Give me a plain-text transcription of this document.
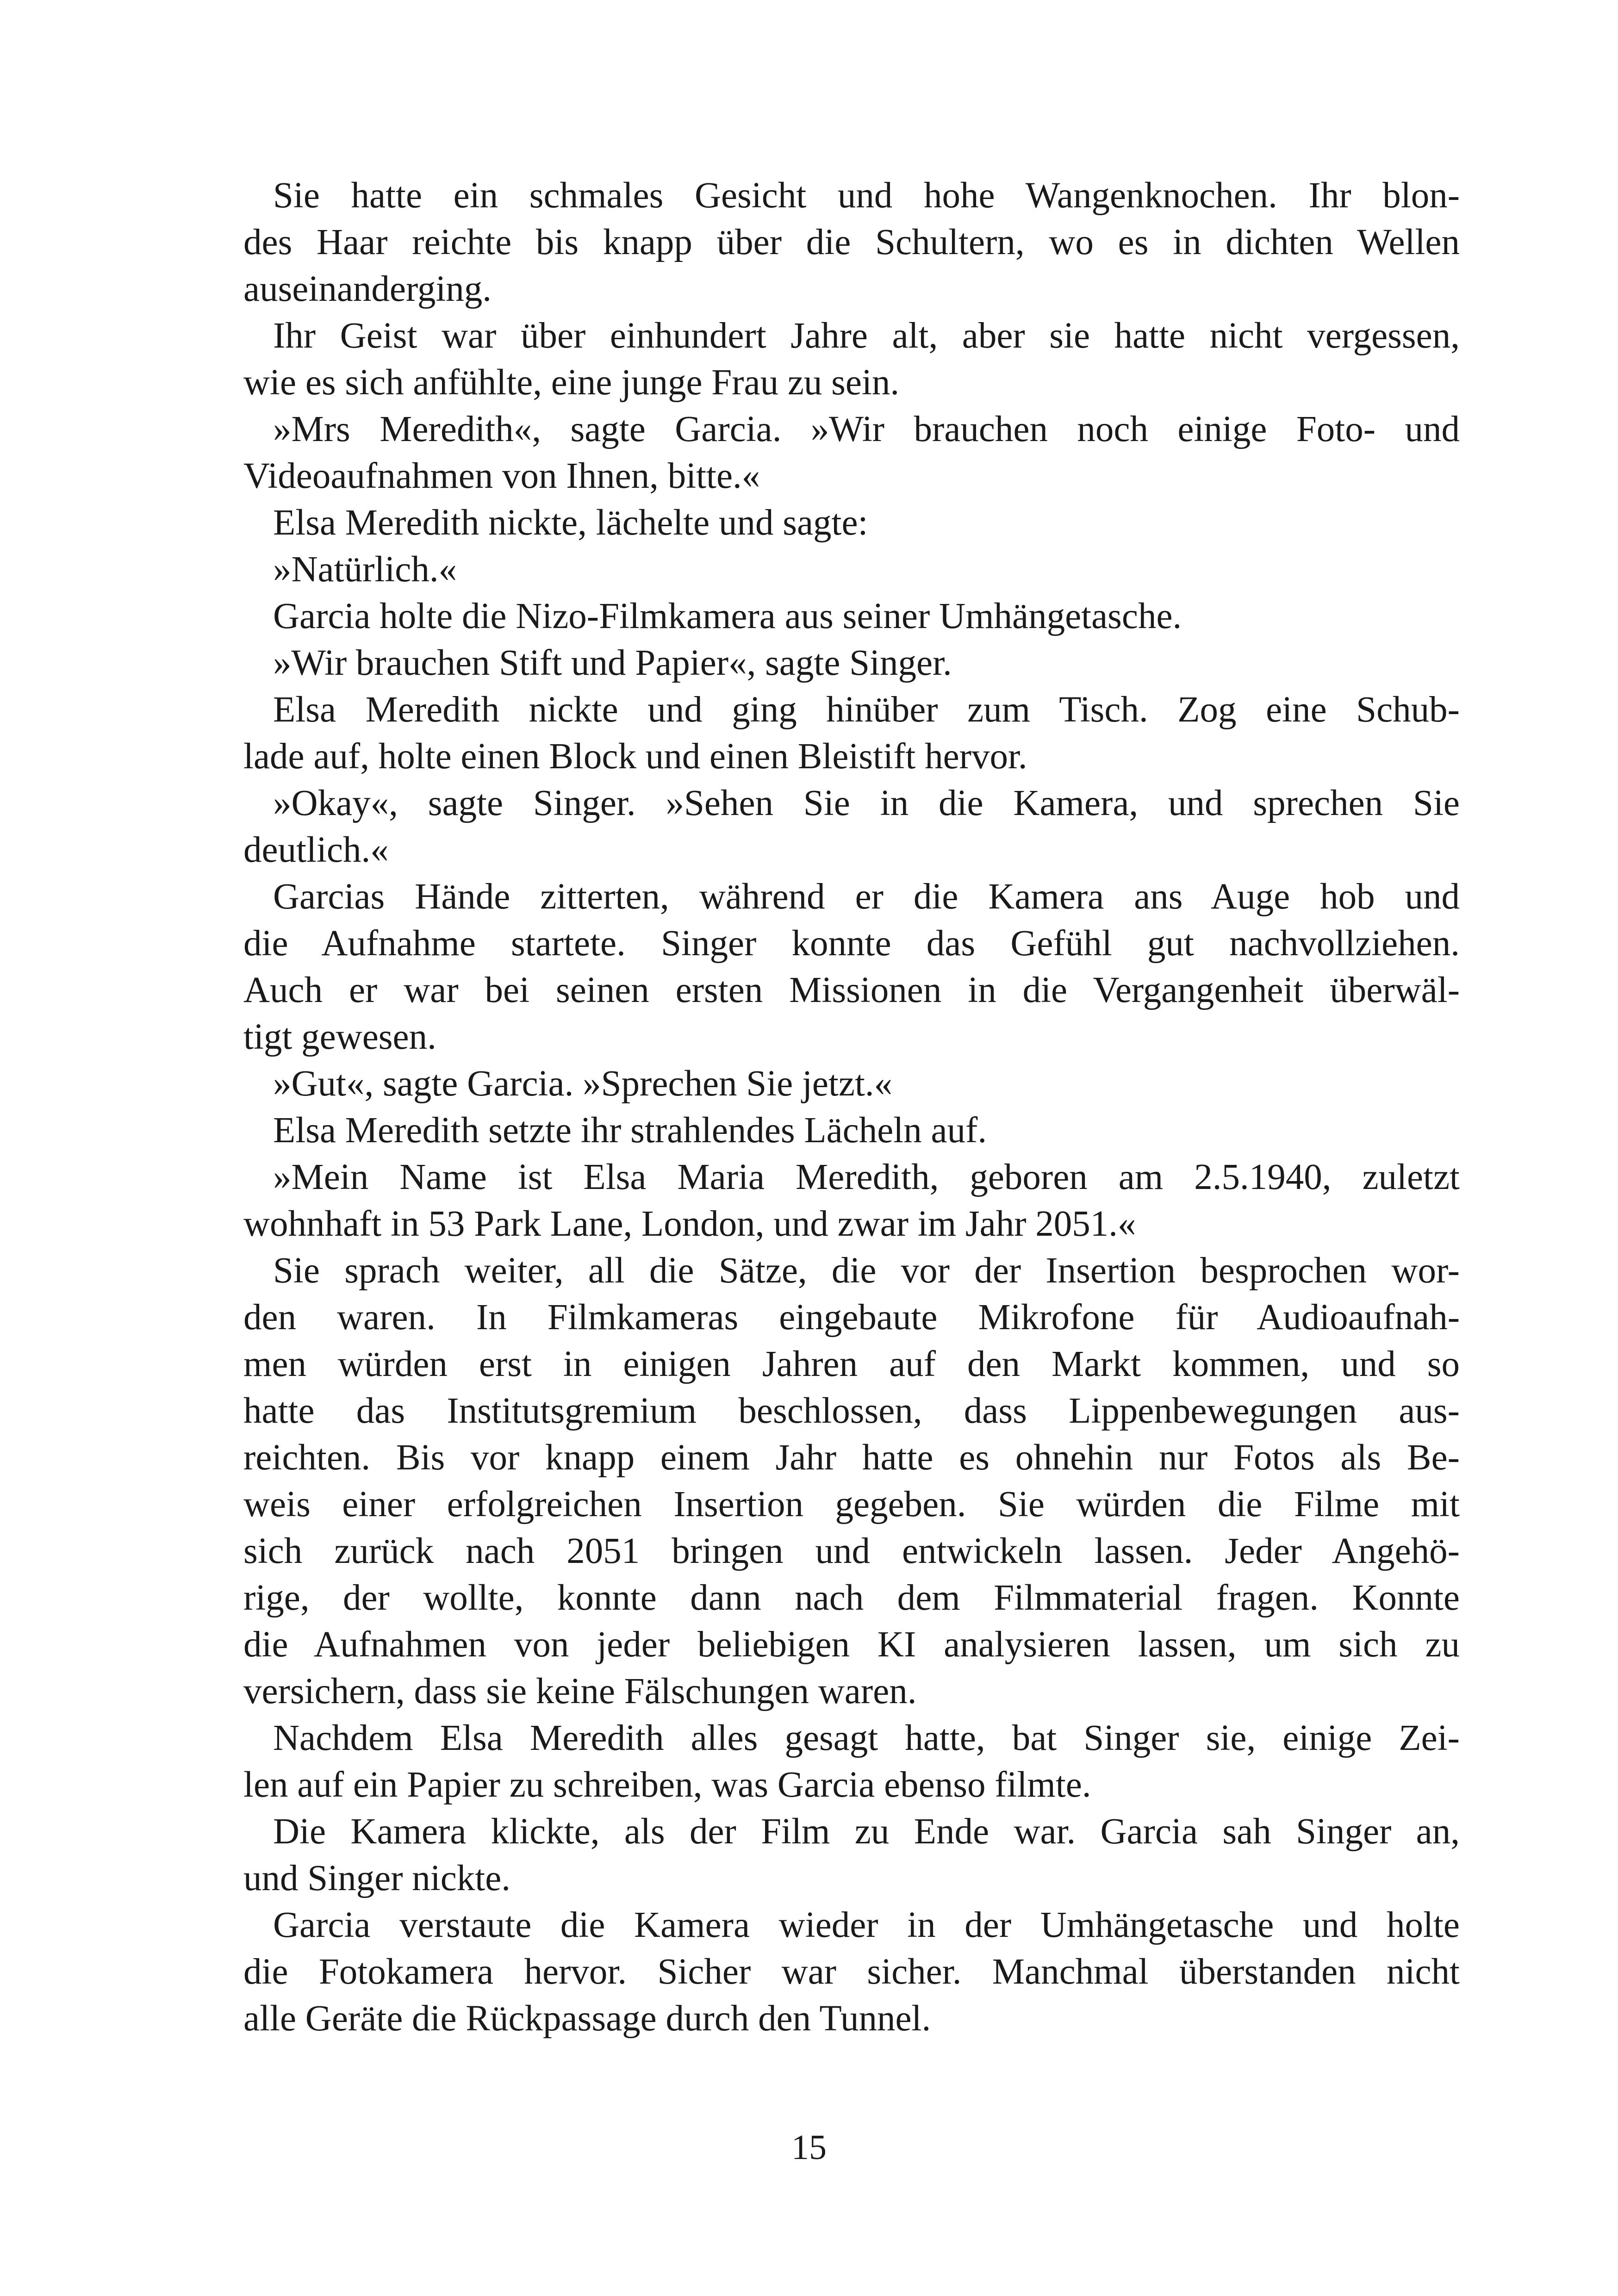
Sie hatte ein schmales Gesicht und hohe Wangenknochen. Ihr blon-
des Haar reichte bis knapp über die Schultern, wo es in dichten Wellen
auseinanderging.
Ihr Geist war über einhundert Jahre alt, aber sie hatte nicht vergessen,
wie es sich anfühlte, eine junge Frau zu sein.
»Mrs Meredith«, sagte Garcia. »Wir brauchen noch einige Foto- und
Videoaufnahmen von Ihnen, bitte.«
Elsa Meredith nickte, lächelte und sagte:
»Natürlich.«
Garcia holte die Nizo-Filmkamera aus seiner Umhängetasche.
»Wir brauchen Stift und Papier«, sagte Singer.
Elsa Meredith nickte und ging hinüber zum Tisch. Zog eine Schub-
lade auf, holte einen Block und einen Bleistift hervor.
»Okay«, sagte Singer. »Sehen Sie in die Kamera, und sprechen Sie
deutlich.«
Garcias Hände zitterten, während er die Kamera ans Auge hob und
die Aufnahme startete. Singer konnte das Gefühl gut nachvollziehen.
Auch er war bei seinen ersten Missionen in die Vergangenheit überwäl-
tigt gewesen.
»Gut«, sagte Garcia. »Sprechen Sie jetzt.«
Elsa Meredith setzte ihr strahlendes Lächeln auf.
»Mein Name ist Elsa Maria Meredith, geboren am 2.5.1940, zuletzt
wohnhaft in 53 Park Lane, London, und zwar im Jahr 2051.«
Sie sprach weiter, all die Sätze, die vor der Insertion besprochen wor-
den waren. In Filmkameras eingebaute Mikrofone für Audioaufnah-
men würden erst in einigen Jahren auf den Markt kommen, und so
hatte das Institutsgremium beschlossen, dass Lippenbewegungen aus-
reichten. Bis vor knapp einem Jahr hatte es ohnehin nur Fotos als Be-
weis einer erfolgreichen Insertion gegeben. Sie würden die Filme mit
sich zurück nach 2051 bringen und entwickeln lassen. Jeder Angehö-
rige, der wollte, konnte dann nach dem Filmmaterial fragen. Konnte
die Aufnahmen von jeder beliebigen KI analysieren lassen, um sich zu
versichern, dass sie keine Fälschungen waren.
Nachdem Elsa Meredith alles gesagt hatte, bat Singer sie, einige Zei-
len auf ein Papier zu schreiben, was Garcia ebenso filmte.
Die Kamera klickte, als der Film zu Ende war. Garcia sah Singer an,
und Singer nickte.
Garcia verstaute die Kamera wieder in der Umhängetasche und holte
die Fotokamera hervor. Sicher war sicher. Manchmal überstanden nicht
alle Geräte die Rückpassage durch den Tunnel.
15
